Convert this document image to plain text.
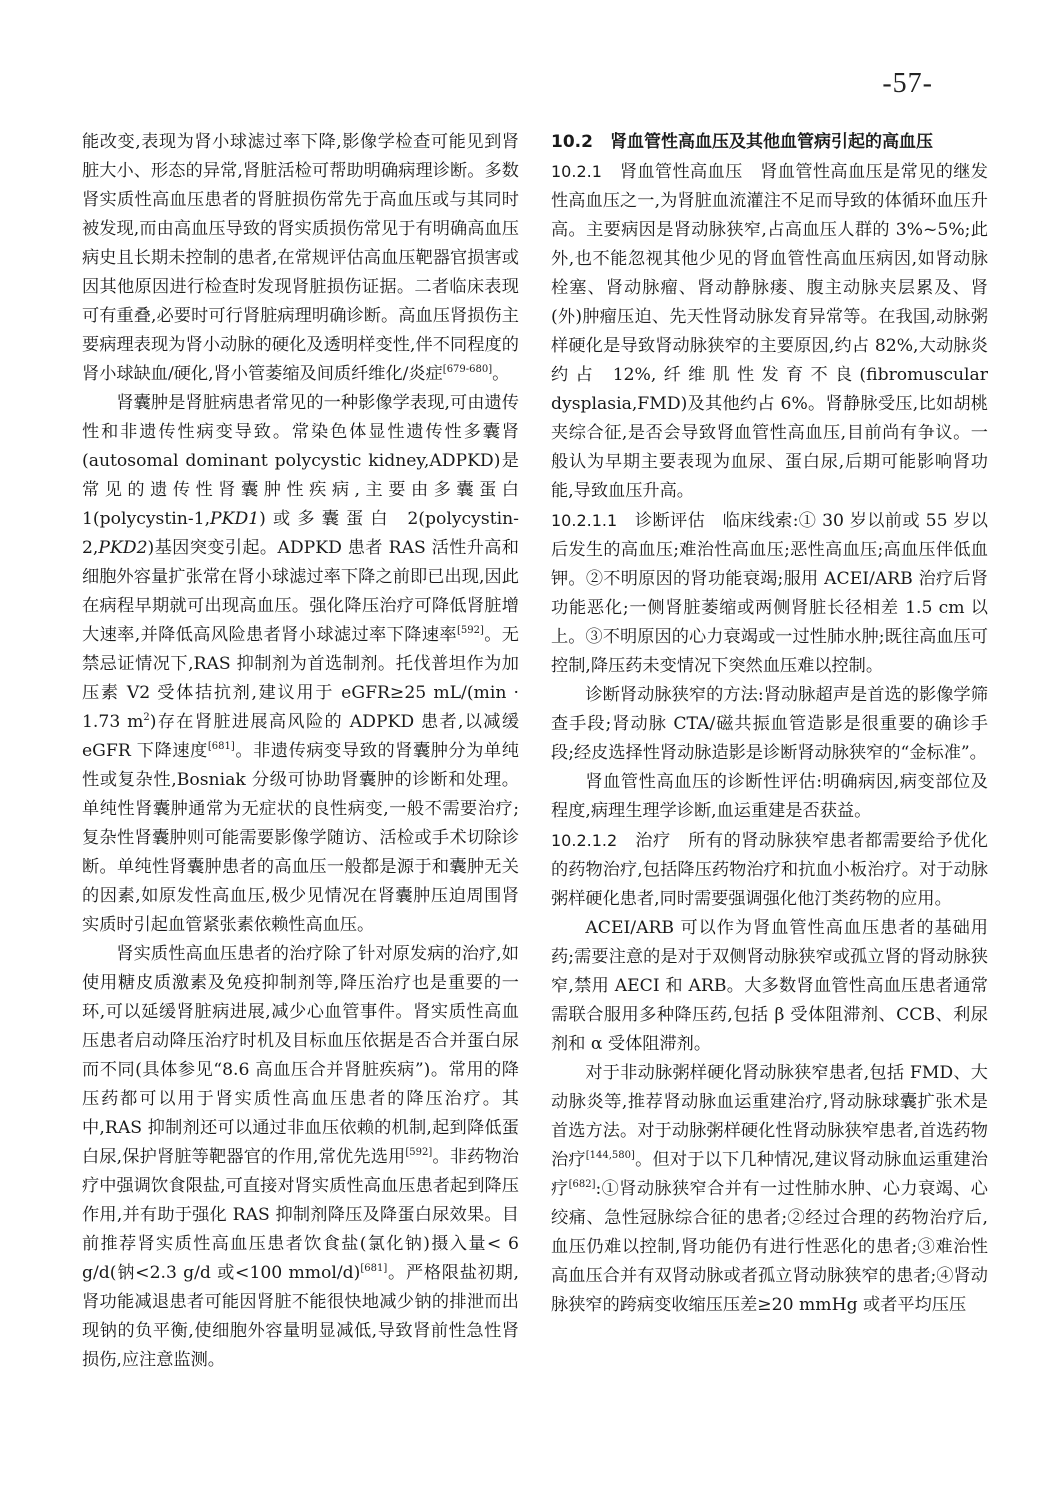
-57-

能改变,表现为肾小球滤过率下降,影像学检查可能见到肾脏大小、形态的异常,肾脏活检可帮助明确病理诊断。多数肾实质性高血压患者的肾脏损伤常先于高血压或与其同时被发现,而由高血压导致的肾实质损伤常见于有明确高血压病史且长期未控制的患者,在常规评估高血压靶器官损害或因其他原因进行检查时发现肾脏损伤证据。二者临床表现可有重叠,必要时可行肾脏病理明确诊断。高血压肾损伤主要病理表现为肾小动脉的硬化及透明样变性,伴不同程度的肾小球缺血/硬化,肾小管萎缩及间质纤维化/炎症[679-680]。

肾囊肿是肾脏病患者常见的一种影像学表现,可由遗传性和非遗传性病变导致。常染色体显性遗传性多囊肾(autosomal dominant polycystic kidney,ADPKD)是常见的遗传性肾囊肿性疾病,主要由多囊蛋白 1(polycystin-1,PKD1)或多囊蛋白 2(polycystin-2,PKD2)基因突变引起。ADPKD 患者 RAS 活性升高和细胞外容量扩张常在肾小球滤过率下降之前即已出现,因此在病程早期就可出现高血压。强化降压治疗可降低肾脏增大速率,并降低高风险患者肾小球滤过率下降速率[592]。无禁忌证情况下,RAS 抑制剂为首选制剂。托伐普坦作为加压素 V2 受体拮抗剂,建议用于 eGFR≥25 mL/(min · 1.73 $m^2$)存在肾脏进展高风险的 ADPKD 患者,以减缓 eGFR 下降速度[681]。非遗传病变导致的肾囊肿分为单纯性或复杂性,Bosniak 分级可协助肾囊肿的诊断和处理。单纯性肾囊肿通常为无症状的良性病变,一般不需要治疗;复杂性肾囊肿则可能需要影像学随访、活检或手术切除诊断。单纯性肾囊肿患者的高血压一般都是源于和囊肿无关的因素,如原发性高血压,极少见情况在肾囊肿压迫周围肾实质时引起血管紧张素依赖性高血压。

肾实质性高血压患者的治疗除了针对原发病的治疗,如使用糖皮质激素及免疫抑制剂等,降压治疗也是重要的一环,可以延缓肾脏病进展,减少心血管事件。肾实质性高血压患者启动降压治疗时机及目标血压依据是否合并蛋白尿而不同(具体参见“8.6 高血压合并肾脏疾病”)。常用的降压药都可以用于肾实质性高血压患者的降压治疗。其中,RAS 抑制剂还可以通过非血压依赖的机制,起到降低蛋白尿,保护肾脏等靶器官的作用,常优先选用[592]。非药物治疗中强调饮食限盐,可直接对肾实质性高血压患者起到降压作用,并有助于强化 RAS 抑制剂降压及降蛋白尿效果。目前推荐肾实质性高血压患者饮食盐(氯化钠)摄入量< 6 g/d(钠<2.3 g/d 或<100 mmol/d)[681]。严格限盐初期,肾功能减退患者可能因肾脏不能很快地减少钠的排泄而出现钠的负平衡,使细胞外容量明显减低,导致肾前性急性肾损伤,应注意监测。

10.2　肾血管性高血压及其他血管病引起的高血压

10.2.1　 肾血管性高血压　 肾血管性高血压是常见的继发性高血压之一,为肾脏血流灌注不足而导致的体循环血压升高。主要病因是肾动脉狭窄,占高血压人群的 3%~5%;此外,也不能忽视其他少见的肾血管性高血压病因,如肾动脉栓塞、肾动脉瘤、肾动静脉瘘、腹主动脉夹层累及、肾(外)肿瘤压迫、先天性肾动脉发育异常等。在我国,动脉粥样硬化是导致肾动脉狭窄的主要原因,约占 82%,大动脉炎约占 12%,纤维肌性发育不良(fibromuscular dysplasia,FMD)及其他约占 6%。肾静脉受压,比如胡桃夹综合征,是否会导致肾血管性高血压,目前尚有争议。一般认为早期主要表现为血尿、蛋白尿,后期可能影响肾功能,导致血压升高。

10.2.1.1　 诊断评估　 临床线索:① 30 岁以前或 55 岁以后发生的高血压;难治性高血压;恶性高血压;高血压伴低血钾。②不明原因的肾功能衰竭;服用 ACEI/ARB 治疗后肾功能恶化;一侧肾脏萎缩或两侧肾脏长径相差 1.5 cm 以上。③不明原因的心力衰竭或一过性肺水肿;既往高血压可控制,降压药未变情况下突然血压难以控制。

诊断肾动脉狭窄的方法:肾动脉超声是首选的影像学筛查手段;肾动脉 CTA/磁共振血管造影是很重要的确诊手段;经皮选择性肾动脉造影是诊断肾动脉狭窄的“金标准”。

肾血管性高血压的诊断性评估:明确病因,病变部位及程度,病理生理学诊断,血运重建是否获益。

10.2.1.2　 治疗　 所有的肾动脉狭窄患者都需要给予优化的药物治疗,包括降压药物治疗和抗血小板治疗。对于动脉粥样硬化患者,同时需要强调强化他汀类药物的应用。

ACEI/ARB 可以作为肾血管性高血压患者的基础用药;需要注意的是对于双侧肾动脉狭窄或孤立肾的肾动脉狭窄,禁用 AECI 和 ARB。大多数肾血管性高血压患者通常需联合服用多种降压药,包括 β 受体阻滞剂、CCB、利尿剂和 α 受体阻滞剂。

对于非动脉粥样硬化肾动脉狭窄患者,包括 FMD、大动脉炎等,推荐肾动脉血运重建治疗,肾动脉球囊扩张术是首选方法。对于动脉粥样硬化性肾动脉狭窄患者,首选药物治疗[144,580]。但对于以下几种情况,建议肾动脉血运重建治疗[682]:①肾动脉狭窄合并有一过性肺水肿、心力衰竭、心绞痛、急性冠脉综合征的患者;②经过合理的药物治疗后,血压仍难以控制,肾功能仍有进行性恶化的患者;③难治性高血压合并有双肾动脉或者孤立肾动脉狭窄的患者;④肾动脉狭窄的跨病变收缩压压差≥20 mmHg 或者平均压压
